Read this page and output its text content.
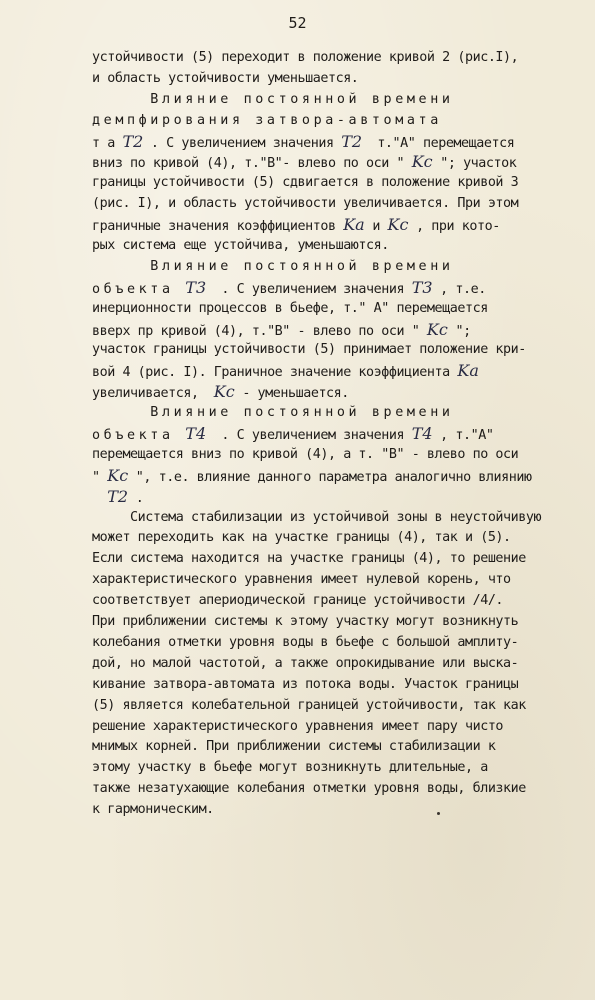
52
устойчивости (5) переходит в положение кривой 2 (рис.I),
и область устойчивости уменьшается.
Влияние постоянной времени
демпфирования затвора-автомата
т а T2 . С увеличением значения T2  т."А" перемещается
вниз по кривой (4), т."В"- влево по оси " Kc "; участок
границы устойчивости (5) сдвигается в положение кривой 3
(рис. I), и область устойчивости увеличивается. При этом
граничные значения коэффициентов Ka и Kc , при кото-
рых система еще устойчива, уменьшаются.
Влияние постоянной времени
объекта T3  . С увеличением значения T3 , т.е.
инерционности процессов в бьефе, т." А" перемещается
вверх пр кривой (4), т."В" - влево по оси " Kc ";
участок границы устойчивости (5) принимает положение кри-
вой 4 (рис. I). Граничное значение коэффициента Ka
увеличивается,  Kc - уменьшается.
Влияние постоянной времени
объекта T4  . С увеличением значения T4 , т."А"
перемещается вниз по кривой (4), а т. "В" - влево по оси
" Kc ", т.е. влияние данного параметра аналогично влиянию
T2 .
Система стабилизации из устойчивой зоны в неустойчивую
может переходить как на участке границы (4), так и (5).
Если система находится на участке границы (4), то решение
характеристического уравнения имеет нулевой корень, что
соответствует апериодической границе устойчивости /4/.
При приближении системы к этому участку могут возникнуть
колебания отметки уровня воды в бьефе с большой амплиту-
дой, но малой частотой, а также опрокидывание или выска-
кивание затвора-автомата из потока воды. Участок границы
(5) является колебательной границей устойчивости, так как
решение характеристического уравнения имеет пару чисто
мнимых корней. При приближении системы стабилизации к
этому участку в бьефе могут возникнуть длительные, а
также незатухающие колебания отметки уровня воды, близкие
к гармоническим.
